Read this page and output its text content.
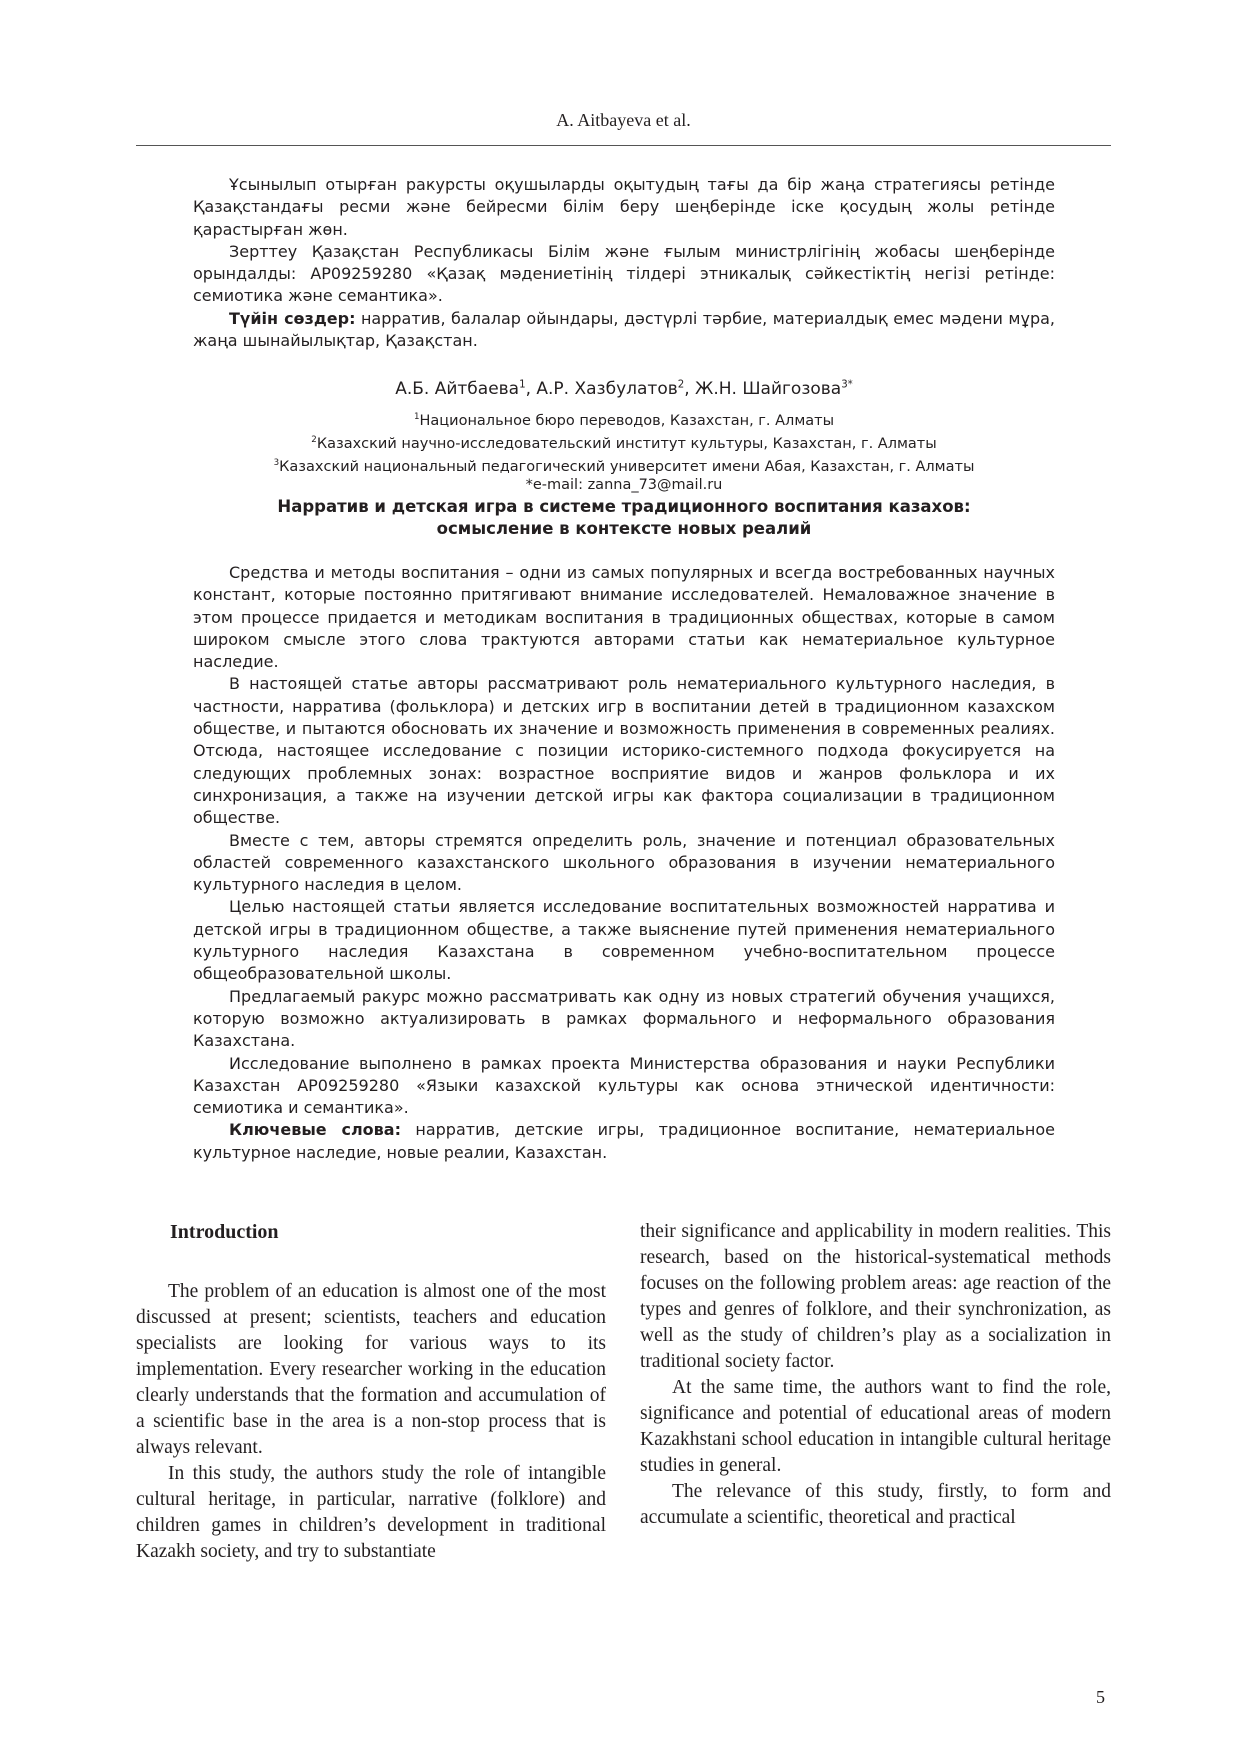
A. Aitbayeva et al.

Ұсынылып отырған ракурсты оқушыларды оқытудың тағы да бір жаңа стратегиясы ретінде Қазақстандағы ресми және бейресми білім беру шеңберінде іске қосудың жолы ретінде қарастырған жөн.

Зерттеу Қазақстан Республикасы Білім және ғылым министрлігінің жобасы шеңберінде орындалды: АР09259280 «Қазақ мәдениетінің тілдері этникалық сәйкестіктің негізі ретінде: семиотика және семантика».

Түйін сөздер: нарратив, балалар ойындары, дәстүрлі тәрбие, материалдық емес мәдени мұра, жаңа шынайылықтар, Қазақстан.

А.Б. Айтбаева$^1$, А.Р. Хазбулатов$^2$, Ж.Н. Шайгозова$^{3*}$
$^1$Национальное бюро переводов, Казахстан, г. Алматы
$^2$Казахский научно-исследовательский институт культуры, Казахстан, г. Алматы
$^3$Казахский национальный педагогический университет имени Абая, Казахстан, г. Алматы
*e-mail: zanna_73@mail.ru
Нарратив и детская игра в системе традиционного воспитания казахов:
осмысление в контексте новых реалий

Средства и методы воспитания – одни из самых популярных и всегда востребованных научных констант, которые постоянно притягивают внимание исследователей. Немаловажное значение в этом процессе придается и методикам воспитания в традиционных обществах, которые в самом широком смысле этого слова трактуются авторами статьи как нематериальное культурное наследие.

В настоящей статье авторы рассматривают роль нематериального культурного наследия, в частности, нарратива (фольклора) и детских игр в воспитании детей в традиционном казахском обществе, и пытаются обосновать их значение и возможность применения в современных реалиях. Отсюда, настоящее исследование с позиции историко-системного подхода фокусируется на следующих проблемных зонах: возрастное восприятие видов и жанров фольклора и их синхронизация, а также на изучении детской игры как фактора социализации в традиционном обществе.

Вместе с тем, авторы стремятся определить роль, значение и потенциал образовательных областей современного казахстанского школьного образования в изучении нематериального культурного наследия в целом.

Целью настоящей статьи является исследование воспитательных возможностей нарратива и детской игры в традиционном обществе, а также выяснение путей применения нематериального культурного наследия Казахстана в современном учебно-воспитательном процессе общеобразовательной школы.

Предлагаемый ракурс можно рассматривать как одну из новых стратегий обучения учащихся, которую возможно актуализировать в рамках формального и неформального образования Казахстана.

Исследование выполнено в рамках проекта Министерства образования и науки Республики Казахстан АР09259280 «Языки казахской культуры как основа этнической идентичности: семиотика и семантика».

Ключевые слова: нарратив, детские игры, традиционное воспитание, нематериальное культурное наследие, новые реалии, Казахстан.

Introduction

The problem of an education is almost one of the most discussed at present; scientists, teachers and education specialists are looking for various ways to its implementation. Every researcher working in the education clearly understands that the formation and accumulation of a scientific base in the area is a non-stop process that is always relevant.

In this study, the authors study the role of intangible cultural heritage, in particular, narrative (folklore) and children games in children’s development in traditional Kazakh society, and try to substantiate

their significance and applicability in modern realities. This research, based on the historical-systematical methods focuses on the following problem areas: age reaction of the types and genres of folklore, and their synchronization, as well as the study of children’s play as a socialization in traditional society factor.

At the same time, the authors want to find the role, significance and potential of educational areas of modern Kazakhstani school education in intangible cultural heritage studies in general.

The relevance of this study, firstly, to form and accumulate a scientific, theoretical and practical

5
